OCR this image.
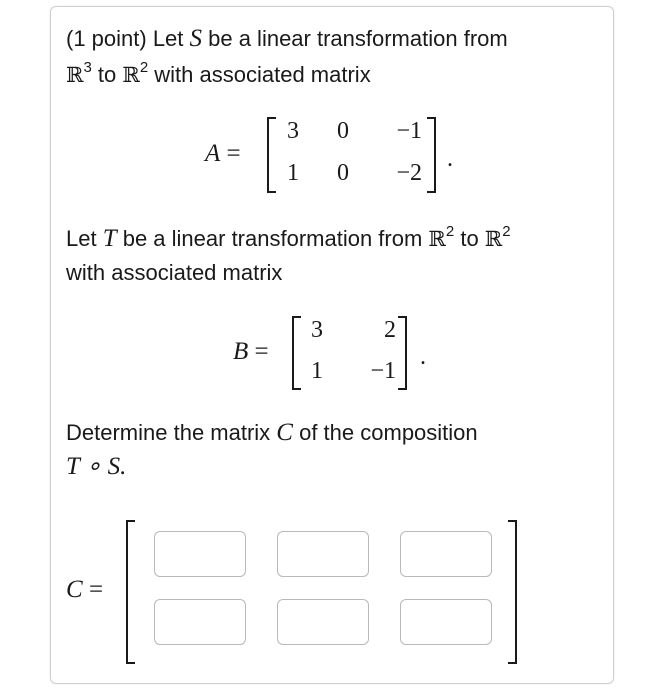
(1 point) Let S be a linear transformation from
ℝ$^3$ to ℝ$^2$ with associated matrix
A =
3 0	−1
1 0	−2
.
Let T be a linear transformation from ℝ$^2$ to ℝ$^2$
with associated matrix
B =
3	2
1	−1
.
Determine the matrix C of the composition
T ∘ S.
C =
